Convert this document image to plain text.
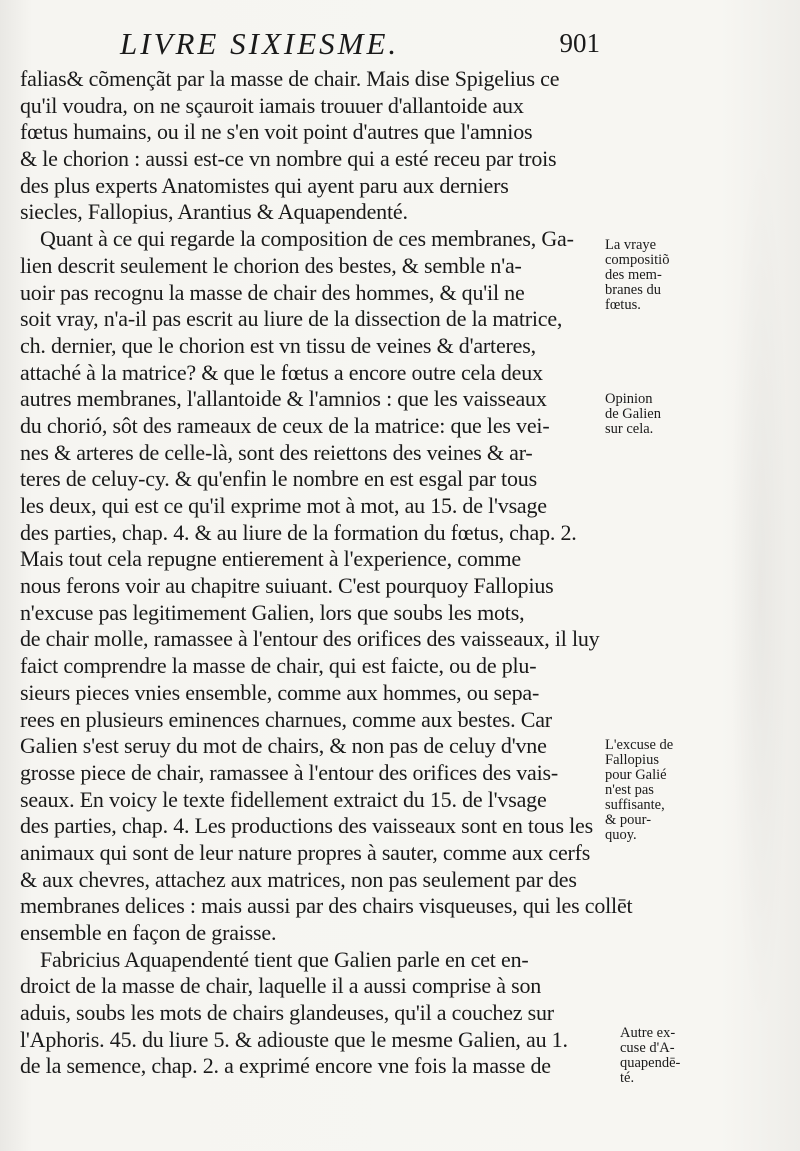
LIVRE SIXIESME.	901
falias& cõmençãt par la masse de chair. Mais dise Spigelius ce
qu'il voudra, on ne sçauroit iamais trouuer d'allantoide aux
fœtus humains, ou il ne s'en voit point d'autres que l'amnios
& le chorion : aussi est-ce vn nombre qui a esté receu par trois
des plus experts Anatomistes qui ayent paru aux derniers
siecles, Fallopius, Arantius & Aquapendenté.
Quant à ce qui regarde la composition de ces membranes, Ga-
lien descrit seulement le chorion des bestes, & semble n'a-
uoir pas recognu la masse de chair des hommes, & qu'il ne
soit vray, n'a-il pas escrit au liure de la dissection de la matrice,
ch. dernier, que le chorion est vn tissu de veines & d'arteres,
attaché à la matrice? & que le fœtus a encore outre cela deux
autres membranes, l'allantoide & l'amnios : que les vaisseaux
du chorió, sôt des rameaux de ceux de la matrice: que les vei-
nes & arteres de celle-là, sont des reiettons des veines & ar-
teres de celuy-cy. & qu'enfin le nombre en est esgal par tous
les deux, qui est ce qu'il exprime mot à mot, au 15. de l'vsage
des parties, chap. 4. & au liure de la formation du fœtus, chap. 2.
Mais tout cela repugne entierement à l'experience, comme
nous ferons voir au chapitre suiuant. C'est pourquoy Fallopius
n'excuse pas legitimement Galien, lors que soubs les mots,
de chair molle, ramassee à l'entour des orifices des vaisseaux, il luy
faict comprendre la masse de chair, qui est faicte, ou de plu-
sieurs pieces vnies ensemble, comme aux hommes, ou sepa-
rees en plusieurs eminences charnues, comme aux bestes. Car
Galien s'est seruy du mot de chairs, & non pas de celuy d'vne
grosse piece de chair, ramassee à l'entour des orifices des vais-
seaux. En voicy le texte fidellement extraict du 15. de l'vsage
des parties, chap. 4. Les productions des vaisseaux sont en tous les
animaux qui sont de leur nature propres à sauter, comme aux cerfs
& aux chevres, attachez aux matrices, non pas seulement par des
membranes delices : mais aussi par des chairs visqueuses, qui les collēt
ensemble en façon de graisse.
Fabricius Aquapendenté tient que Galien parle en cet en-
droict de la masse de chair, laquelle il a aussi comprise à son
aduis, soubs les mots de chairs glandeuses, qu'il a couchez sur
l'Aphoris. 45. du liure 5. & adiouste que le mesme Galien, au 1.
de la semence, chap. 2. a exprimé encore vne fois la masse de
La vraye
compositiõ
des mem-
branes du
fœtus.
Opinion
de Galien
sur cela.
L'excuse de
Fallopius
pour Galié
n'est pas
suffisante,
& pour-
quoy.
Autre ex-
cuse d'A-
quapendē-
té.
